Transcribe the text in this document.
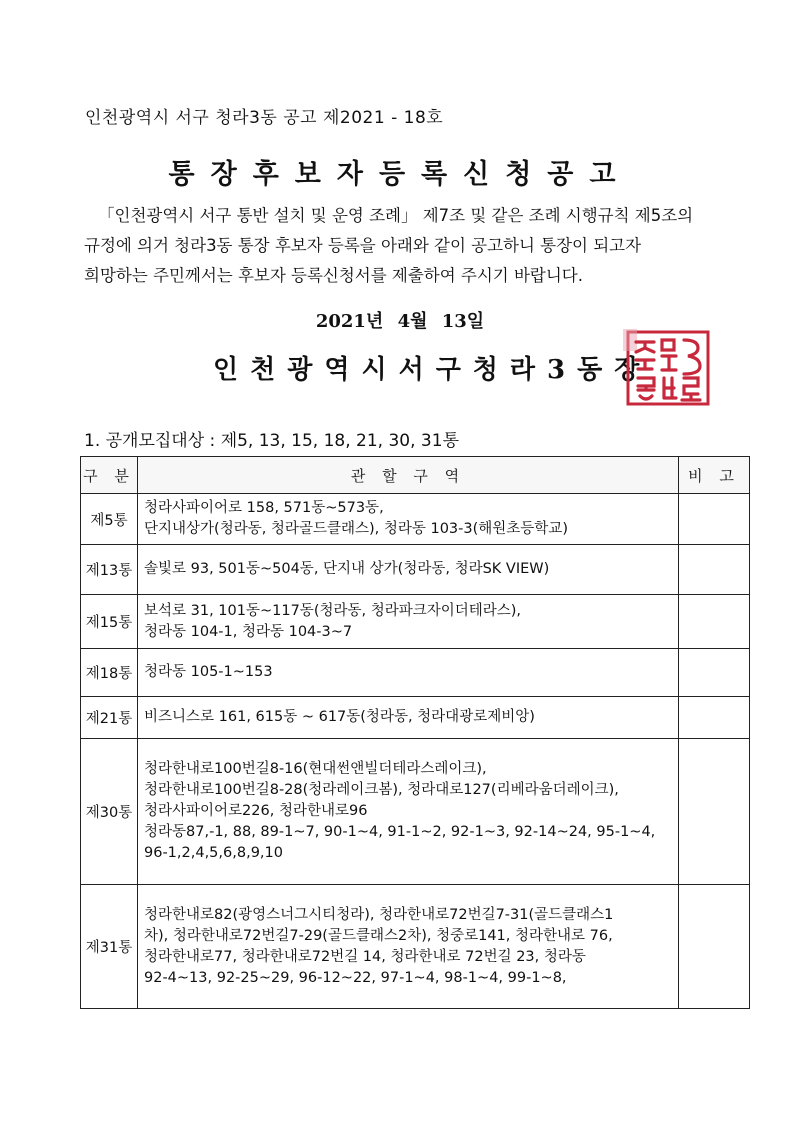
인천광역시 서구 청라3동 공고 제2021 - 18호
통장후보자등록신청공고
「인천광역시 서구 통반 설치 및 운영 조례」 제7조 및 같은 조례 시행규칙 제5조의
규정에 의거 청라3동 통장 후보자 등록을 아래와 같이 공고하니 통장이 되고자
희망하는 주민께서는 후보자 등록신청서를 제출하여 주시기 바랍니다.
2021년 4월 13일
인천광역시서구청라3동장
1. 공개모집대상 : 제5, 13, 15, 18, 21, 30, 31통
구 분	관 할 구 역	비 고
제5통	청라사파이어로 158, 571동~573동,
단지내상가(청라동, 청라골드클래스), 청라동 103-3(해원초등학교)	

제13통	솔빛로 93, 501동~504동, 단지내 상가(청라동, 청라SK VIEW)	

제15통	보석로 31, 101동~117동(청라동, 청라파크자이더테라스),
청라동 104-1, 청라동 104-3~7	

제18통	청라동 105-1~153	

제21통	비즈니스로 161, 615동 ~ 617동(청라동, 청라대광로제비앙)	

제30통	청라한내로100번길8-16(현대썬앤빌더테라스레이크),
청라한내로100번길8-28(청라레이크봄), 청라대로127(리베라움더레이크),
청라사파이어로226, 청라한내로96
청라동87,-1, 88, 89-1~7, 90-1~4, 91-1~2, 92-1~3, 92-14~24, 95-1~4,
96-1,2,4,5,6,8,9,10	

제31통	청라한내로82(광영스너그시티청라), 청라한내로72번길7-31(골드클래스1
차), 청라한내로72번길7-29(골드클래스2차), 청중로141, 청라한내로 76,
청라한내로77, 청라한내로72번길 14, 청라한내로 72번길 23, 청라동
92-4~13, 92-25~29, 96-12~22, 97-1~4, 98-1~4, 99-1~8,	
